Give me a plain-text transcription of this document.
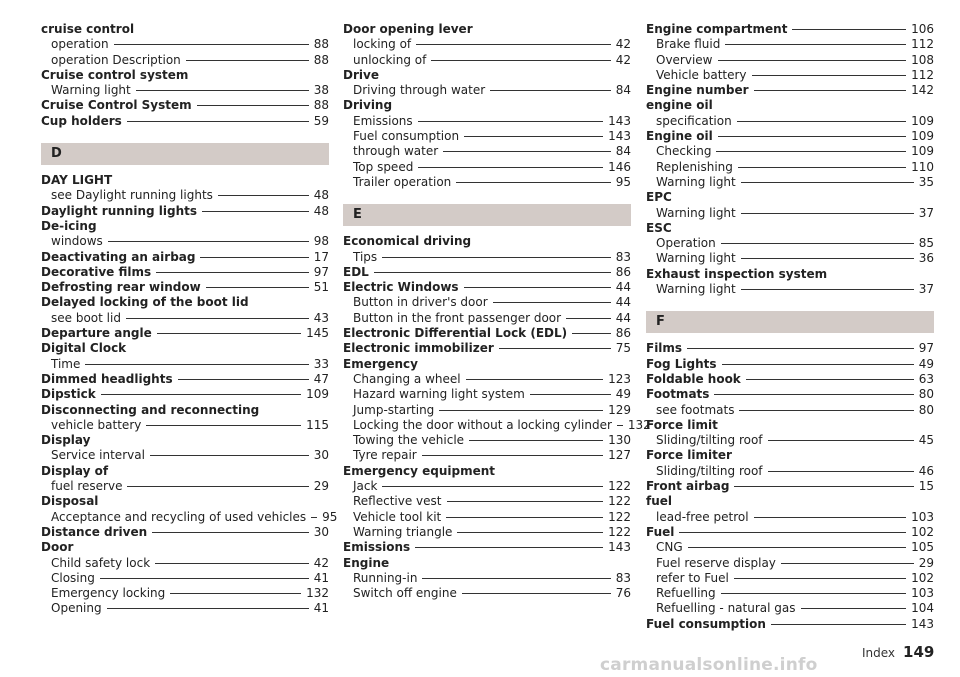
cruise control
operation	88
operation Description	88
Cruise control system
Warning light	38
Cruise Control System	88
Cup holders	59
D
DAY LIGHT
see Daylight running lights	48
Daylight running lights	48
De-icing
windows	98
Deactivating an airbag	17
Decorative films	97
Defrosting rear window	51
Delayed locking of the boot lid
see boot lid	43
Departure angle	145
Digital Clock
Time	33
Dimmed headlights	47
Dipstick	109
Disconnecting and reconnecting
vehicle battery	115
Display
Service interval	30
Display of
fuel reserve	29
Disposal
Acceptance and recycling of used vehicles 95
Distance driven	30
Door
Child safety lock	42
Closing	41
Emergency locking	132
Opening	41
Door opening lever
locking of	42
unlocking of	42
Drive
Driving through water	84
Driving
Emissions	143
Fuel consumption	143
through water	84
Top speed	146
Trailer operation	95
E
Economical driving
Tips	83
EDL	86
Electric Windows	44
Button in driver's door	44
Button in the front passenger door	44
Electronic Differential Lock (EDL)	86
Electronic immobilizer	75
Emergency
Changing a wheel	123
Hazard warning light system	49
Jump-starting	129
Locking the door without a locking cylinder 132
Towing the vehicle	130
Tyre repair	127
Emergency equipment
Jack	122
Reflective vest	122
Vehicle tool kit	122
Warning triangle	122
Emissions	143
Engine
Running-in	83
Switch off engine	76
Engine compartment	106
Brake fluid	112
Overview	108
Vehicle battery	112
Engine number	142
engine oil
specification	109
Engine oil	109
Checking	109
Replenishing	110
Warning light	35
EPC
Warning light	37
ESC
Operation	85
Warning light	36
Exhaust inspection system
Warning light	37
F
Films	97
Fog Lights	49
Foldable hook	63
Footmats	80
see footmats	80
Force limit
Sliding/tilting roof	45
Force limiter
Sliding/tilting roof	46
Front airbag	15
fuel
lead-free petrol	103
Fuel	102
CNG	105
Fuel reserve display	29
refer to Fuel	102
Refuelling	103
Refuelling - natural gas	104
Fuel consumption	143
Index 149
carmanualsonline.info
